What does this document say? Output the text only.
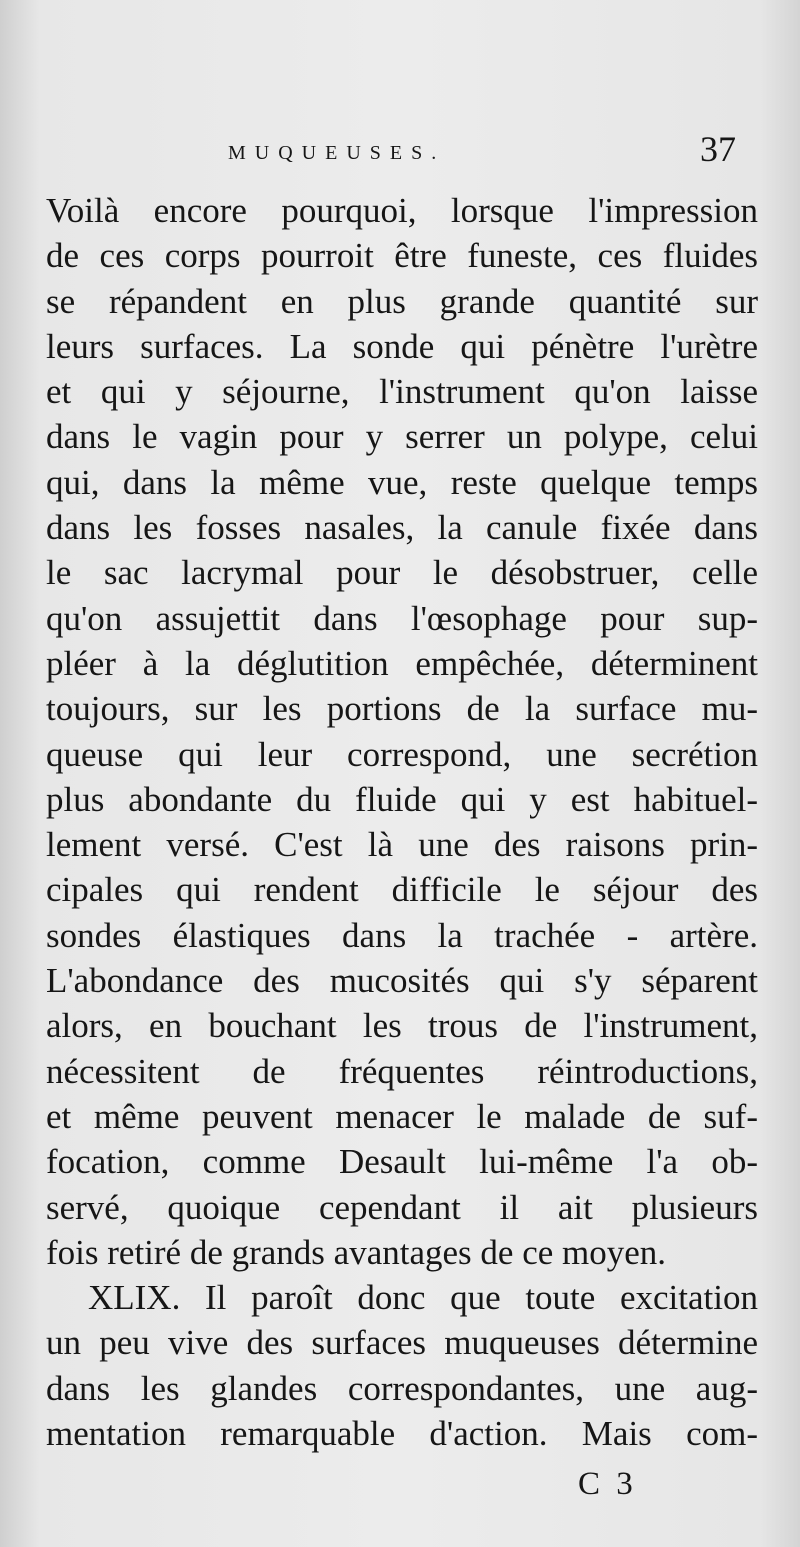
MUQUEUSES.	37
Voilà encore pourquoi, lorsque l'impression
de ces corps pourroit être funeste, ces fluides
se répandent en plus grande quantité sur
leurs surfaces. La sonde qui pénètre l'urètre
et qui y séjourne, l'instrument qu'on laisse
dans le vagin pour y serrer un polype, celui
qui, dans la même vue, reste quelque temps
dans les fosses nasales, la canule fixée dans
le sac lacrymal pour le désobstruer, celle
qu'on assujettit dans l'œsophage pour sup-
pléer à la déglutition empêchée, déterminent
toujours, sur les portions de la surface mu-
queuse qui leur correspond, une secrétion
plus abondante du fluide qui y est habituel-
lement versé. C'est là une des raisons prin-
cipales qui rendent difficile le séjour des
sondes élastiques dans la trachée - artère.
L'abondance des mucosités qui s'y séparent
alors, en bouchant les trous de l'instrument,
nécessitent de fréquentes réintroductions,
et même peuvent menacer le malade de suf-
focation, comme Desault lui-même l'a ob-
servé, quoique cependant il ait plusieurs
fois retiré de grands avantages de ce moyen.
XLIX. Il paroît donc que toute excitation
un peu vive des surfaces muqueuses détermine
dans les glandes correspondantes, une aug-
mentation remarquable d'action. Mais com-
C 3
